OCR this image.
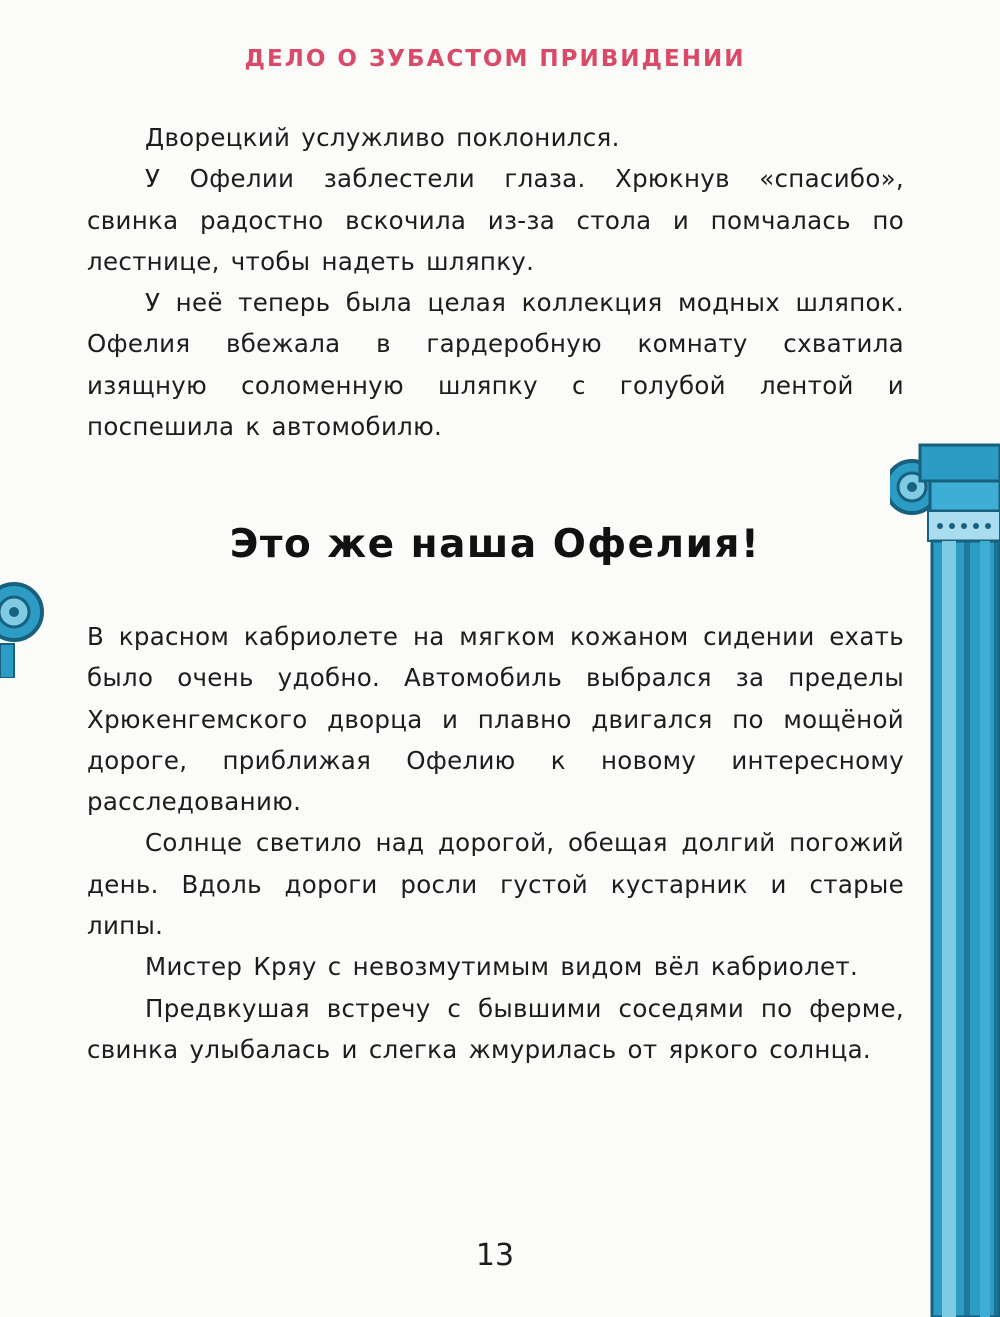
ДЕЛО О ЗУБАСТОМ ПРИВИДЕНИИ

Дворецкий услужливо поклонился.

У Офелии заблестели глаза. Хрюкнув «спасибо», свинка радостно вскочила из-за стола и помчалась по лестнице, чтобы надеть шляпку.

У неё теперь была целая коллекция модных шляпок. Офелия вбежала в гардеробную комнату схватила изящную соломенную шляпку с голубой лентой и поспешила к автомобилю.

Это же наша Офелия!

В красном кабриолете на мягком кожаном сидении ехать было очень удобно. Автомобиль выбрался за пределы Хрюкенгемского дворца и плавно двигался по мощёной дороге, приближая Офелию к новому интересному расследованию.

Солнце светило над дорогой, обещая долгий погожий день. Вдоль дороги росли густой кустарник и старые липы.

Мистер Кряу с невозмутимым видом вёл кабриолет.

Предвкушая встречу с бывшими соседями по ферме, свинка улыбалась и слегка жмурилась от яркого солнца.

13
